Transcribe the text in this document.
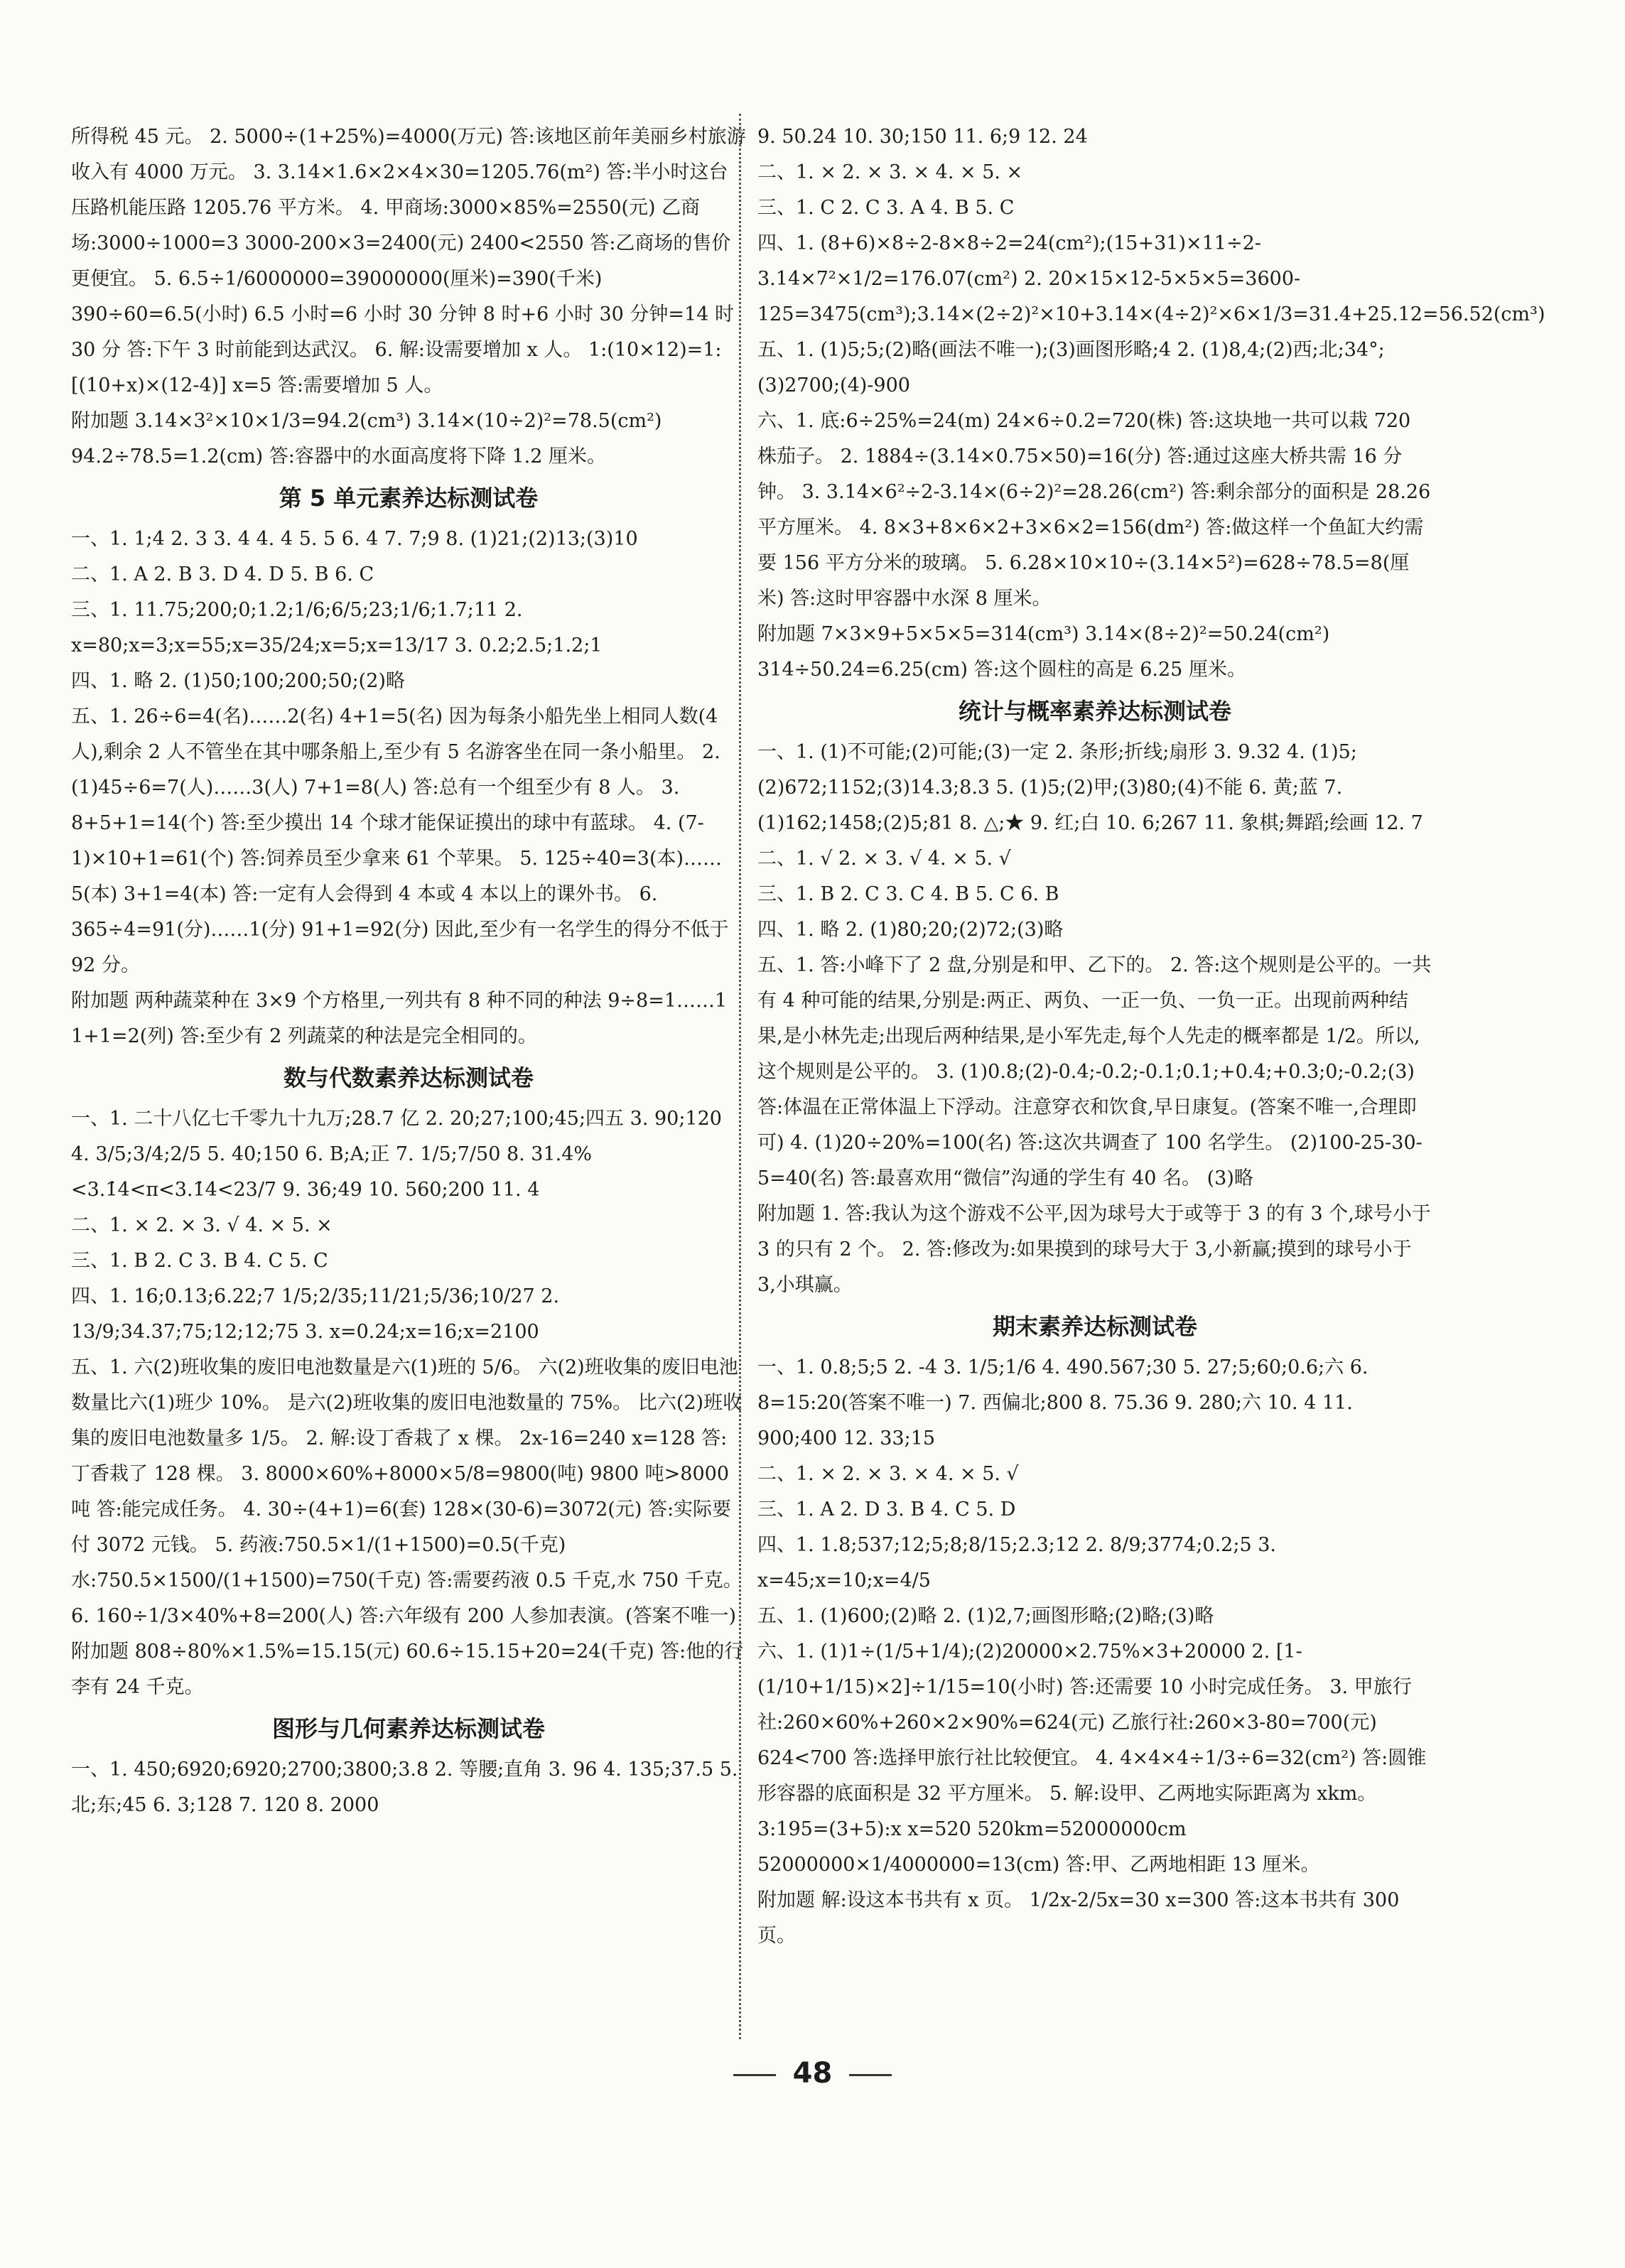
所得税 45 元。 2. 5000÷(1+25%)=4000(万元) 答:该地区前年美丽乡村旅游收入有 4000 万元。 3. 3.14×1.6×2×4×30=1205.76(m²) 答:半小时这台压路机能压路 1205.76 平方米。 4. 甲商场:3000×85%=2550(元) 乙商场:3000÷1000=3 3000-200×3=2400(元) 2400<2550 答:乙商场的售价更便宜。 5. 6.5÷1/6000000=39000000(厘米)=390(千米) 390÷60=6.5(小时) 6.5 小时=6 小时 30 分钟 8 时+6 小时 30 分钟=14 时 30 分 答:下午 3 时前能到达武汉。 6. 解:设需要增加 x 人。 1:(10×12)=1:[(10+x)×(12-4)] x=5 答:需要增加 5 人。
附加题 3.14×3²×10×1/3=94.2(cm³) 3.14×(10÷2)²=78.5(cm²) 94.2÷78.5=1.2(cm) 答:容器中的水面高度将下降 1.2 厘米。
第 5 单元素养达标测试卷
一、1. 1;4 2. 3 3. 4 4. 4 5. 5 6. 4 7. 7;9 8. (1)21;(2)13;(3)10
二、1. A 2. B 3. D 4. D 5. B 6. C
三、1. 11.75;200;0;1.2;1/6;6/5;23;1/6;1.7;11 2. x=80;x=3;x=55;x=35/24;x=5;x=13/17 3. 0.2;2.5;1.2;1
四、1. 略 2. (1)50;100;200;50;(2)略
五、1. 26÷6=4(名)……2(名) 4+1=5(名) 因为每条小船先坐上相同人数(4 人),剩余 2 人不管坐在其中哪条船上,至少有 5 名游客坐在同一条小船里。 2. (1)45÷6=7(人)……3(人) 7+1=8(人) 答:总有一个组至少有 8 人。 3. 8+5+1=14(个) 答:至少摸出 14 个球才能保证摸出的球中有蓝球。 4. (7-1)×10+1=61(个) 答:饲养员至少拿来 61 个苹果。 5. 125÷40=3(本)……5(本) 3+1=4(本) 答:一定有人会得到 4 本或 4 本以上的课外书。 6. 365÷4=91(分)……1(分) 91+1=92(分) 因此,至少有一名学生的得分不低于 92 分。
附加题 两种蔬菜种在 3×9 个方格里,一列共有 8 种不同的种法 9÷8=1……1 1+1=2(列) 答:至少有 2 列蔬菜的种法是完全相同的。
数与代数素养达标测试卷
一、1. 二十八亿七千零九十九万;28.7 亿 2. 20;27;100;45;四五 3. 90;120 4. 3/5;3/4;2/5 5. 40;150 6. B;A;正 7. 1/5;7/50 8. 31.4%<3.1̇4̇<π<3.1̇4<23/7 9. 36;49 10. 560;200 11. 4
二、1. × 2. × 3. √ 4. × 5. ×
三、1. B 2. C 3. B 4. C 5. C
四、1. 16;0.13;6.22;7 1/5;2/35;11/21;5/36;10/27 2. 13/9;34.37;75;12;12;75 3. x=0.24;x=16;x=2100
五、1. 六(2)班收集的废旧电池数量是六(1)班的 5/6。 六(2)班收集的废旧电池数量比六(1)班少 10%。 是六(2)班收集的废旧电池数量的 75%。 比六(2)班收集的废旧电池数量多 1/5。 2. 解:设丁香栽了 x 棵。 2x-16=240 x=128 答:丁香栽了 128 棵。 3. 8000×60%+8000×5/8=9800(吨) 9800 吨>8000 吨 答:能完成任务。 4. 30÷(4+1)=6(套) 128×(30-6)=3072(元) 答:实际要付 3072 元钱。 5. 药液:750.5×1/(1+1500)=0.5(千克) 水:750.5×1500/(1+1500)=750(千克) 答:需要药液 0.5 千克,水 750 千克。 6. 160÷1/3×40%+8=200(人) 答:六年级有 200 人参加表演。(答案不唯一)
附加题 808÷80%×1.5%=15.15(元) 60.6÷15.15+20=24(千克) 答:他的行李有 24 千克。
图形与几何素养达标测试卷
一、1. 450;6920;6920;2700;3800;3.8 2. 等腰;直角 3. 96 4. 135;37.5 5. 北;东;45 6. 3;128 7. 120 8. 2000
9. 50.24 10. 30;150 11. 6;9 12. 24
二、1. × 2. × 3. × 4. × 5. ×
三、1. C 2. C 3. A 4. B 5. C
四、1. (8+6)×8÷2-8×8÷2=24(cm²);(15+31)×11÷2-3.14×7²×1/2=176.07(cm²) 2. 20×15×12-5×5×5=3600-125=3475(cm³);3.14×(2÷2)²×10+3.14×(4÷2)²×6×1/3=31.4+25.12=56.52(cm³)
五、1. (1)5;5;(2)略(画法不唯一);(3)画图形略;4 2. (1)8,4;(2)西;北;34°;(3)2700;(4)-900
六、1. 底:6÷25%=24(m) 24×6÷0.2=720(株) 答:这块地一共可以栽 720 株茄子。 2. 1884÷(3.14×0.75×50)=16(分) 答:通过这座大桥共需 16 分钟。 3. 3.14×6²÷2-3.14×(6÷2)²=28.26(cm²) 答:剩余部分的面积是 28.26 平方厘米。 4. 8×3+8×6×2+3×6×2=156(dm²) 答:做这样一个鱼缸大约需要 156 平方分米的玻璃。 5. 6.28×10×10÷(3.14×5²)=628÷78.5=8(厘米) 答:这时甲容器中水深 8 厘米。
附加题 7×3×9+5×5×5=314(cm³) 3.14×(8÷2)²=50.24(cm²) 314÷50.24=6.25(cm) 答:这个圆柱的高是 6.25 厘米。
统计与概率素养达标测试卷
一、1. (1)不可能;(2)可能;(3)一定 2. 条形;折线;扇形 3. 9.32 4. (1)5;(2)672;1152;(3)14.3;8.3 5. (1)5;(2)甲;(3)80;(4)不能 6. 黄;蓝 7. (1)162;1458;(2)5;81 8. △;★ 9. 红;白 10. 6;267 11. 象棋;舞蹈;绘画 12. 7
二、1. √ 2. × 3. √ 4. × 5. √
三、1. B 2. C 3. C 4. B 5. C 6. B
四、1. 略 2. (1)80;20;(2)72;(3)略
五、1. 答:小峰下了 2 盘,分别是和甲、乙下的。 2. 答:这个规则是公平的。一共有 4 种可能的结果,分别是:两正、两负、一正一负、一负一正。出现前两种结果,是小林先走;出现后两种结果,是小军先走,每个人先走的概率都是 1/2。所以,这个规则是公平的。 3. (1)0.8;(2)-0.4;-0.2;-0.1;0.1;+0.4;+0.3;0;-0.2;(3)答:体温在正常体温上下浮动。注意穿衣和饮食,早日康复。(答案不唯一,合理即可) 4. (1)20÷20%=100(名) 答:这次共调查了 100 名学生。 (2)100-25-30-5=40(名) 答:最喜欢用“微信”沟通的学生有 40 名。 (3)略
附加题 1. 答:我认为这个游戏不公平,因为球号大于或等于 3 的有 3 个,球号小于 3 的只有 2 个。 2. 答:修改为:如果摸到的球号大于 3,小新赢;摸到的球号小于 3,小琪赢。
期末素养达标测试卷
一、1. 0.8;5;5 2. -4 3. 1/5;1/6 4. 490.567;30 5. 27;5;60;0.6;六 6. 8=15:20(答案不唯一) 7. 西偏北;800 8. 75.36 9. 280;六 10. 4 11. 900;400 12. 33;15
二、1. × 2. × 3. × 4. × 5. √
三、1. A 2. D 3. B 4. C 5. D
四、1. 1.8;537;12;5;8;8/15;2.3;12 2. 8/9;3774;0.2;5 3. x=45;x=10;x=4/5
五、1. (1)600;(2)略 2. (1)2,7;画图形略;(2)略;(3)略
六、1. (1)1÷(1/5+1/4);(2)20000×2.75%×3+20000 2. [1-(1/10+1/15)×2]÷1/15=10(小时) 答:还需要 10 小时完成任务。 3. 甲旅行社:260×60%+260×2×90%=624(元) 乙旅行社:260×3-80=700(元) 624<700 答:选择甲旅行社比较便宜。 4. 4×4×4÷1/3÷6=32(cm²) 答:圆锥形容器的底面积是 32 平方厘米。 5. 解:设甲、乙两地实际距离为 xkm。 3:195=(3+5):x x=520 520km=52000000cm 52000000×1/4000000=13(cm) 答:甲、乙两地相距 13 厘米。
附加题 解:设这本书共有 x 页。 1/2x-2/5x=30 x=300 答:这本书共有 300 页。
48
